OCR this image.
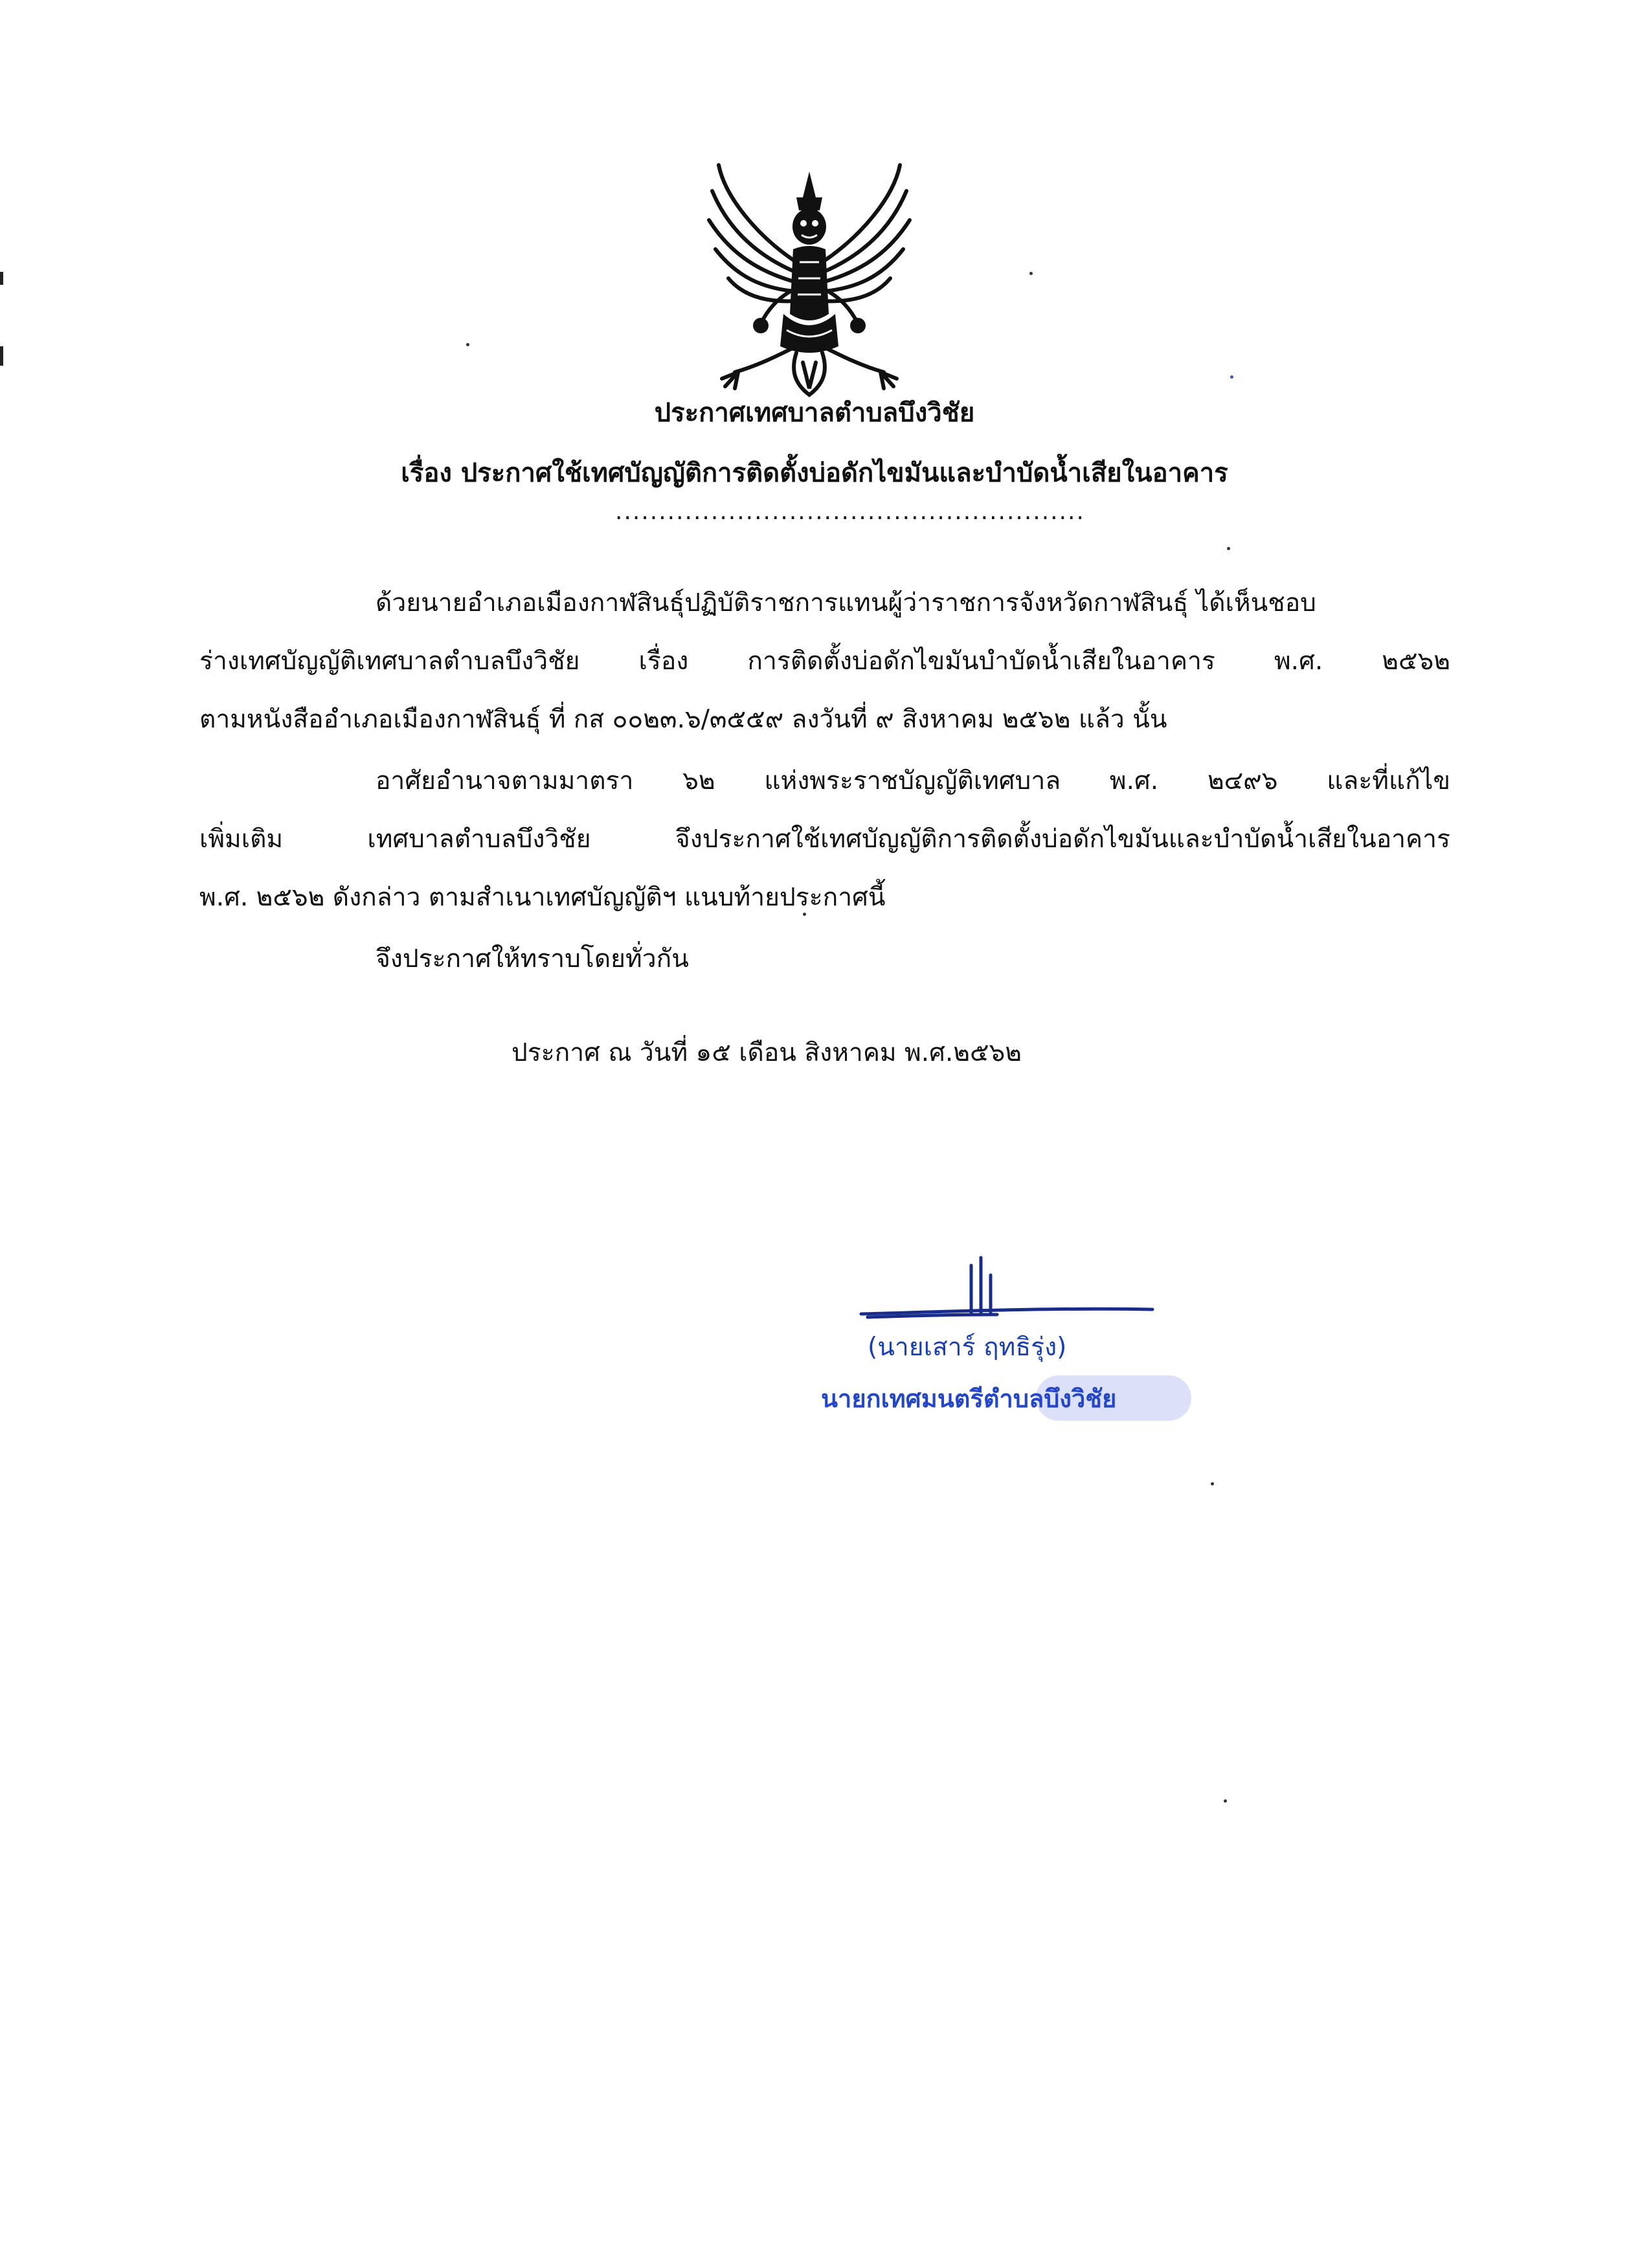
ประกาศเทศบาลตำบลบึงวิชัย
เรื่อง ประกาศใช้เทศบัญญัติการติดตั้งบ่อดักไขมันและบำบัดน้ำเสียในอาคาร
......................................................
ด้วยนายอำเภอเมืองกาฬสินธุ์ปฏิบัติราชการแทนผู้ว่าราชการจังหวัดกาฬสินธุ์ ได้เห็นชอบ
ร่างเทศบัญญัติเทศบาลตำบลบึงวิชัย เรื่อง การติดตั้งบ่อดักไขมันบำบัดน้ำเสียในอาคาร พ.ศ. ๒๕๖๒
ตามหนังสืออำเภอเมืองกาฬสินธุ์ ที่ กส ๐๐๒๓.๖/๓๕๕๙ ลงวันที่ ๙ สิงหาคม ๒๕๖๒ แล้ว นั้น
อาศัยอำนาจตามมาตรา ๖๒ แห่งพระราชบัญญัติเทศบาล พ.ศ. ๒๔๙๖ และที่แก้ไข
เพิ่มเติม เทศบาลตำบลบึงวิชัย จึงประกาศใช้เทศบัญญัติการติดตั้งบ่อดักไขมันและบำบัดน้ำเสียในอาคาร
พ.ศ. ๒๕๖๒ ดังกล่าว ตามสำเนาเทศบัญญัติฯ แนบท้ายประกาศนี้
จึงประกาศให้ทราบโดยทั่วกัน
ประกาศ ณ วันที่ ๑๕ เดือน สิงหาคม พ.ศ.๒๕๖๒
(นายเสาร์ ฤทธิรุ่ง)
นายกเทศมนตรีตำบลบึงวิชัย
